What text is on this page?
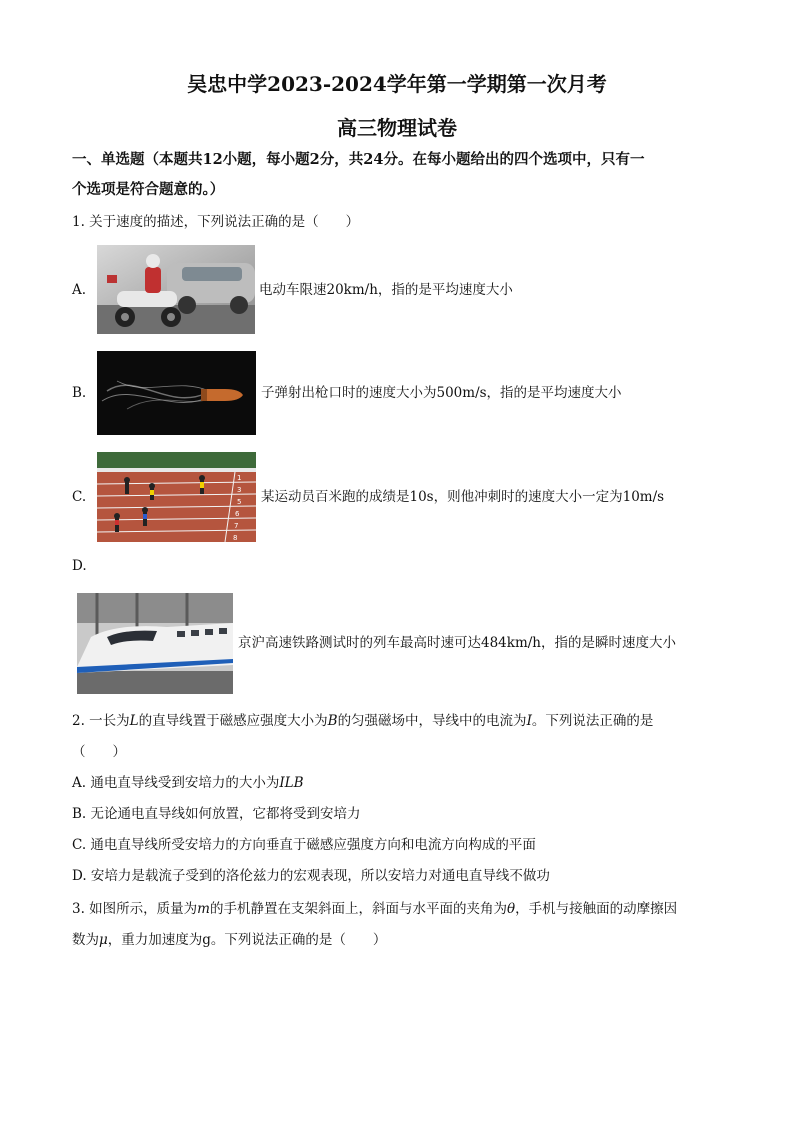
吴忠中学2023-2024学年第一学期第一次月考
高三物理试卷
一、单选题（本题共12小题，每小题2分，共24分。在每小题给出的四个选项中，只有一
个选项是符合题意的。）
1. 关于速度的描述，下列说法正确的是（　　）
A.	电动车限速20km/h，指的是平均速度大小
B.	子弹射出枪口时的速度大小为500m/s，指的是平均速度大小
C.
1
3
5
6
7
8
某运动员百米跑的成绩是10s，则他冲刺时的速度大小一定为10m/s
D.
京沪高速铁路测试时的列车最高时速可达484km/h，指的是瞬时速度大小
2. 一长为L的直导线置于磁感应强度大小为B的匀强磁场中，导线中的电流为I。下列说法正确的是
（　　）
A. 通电直导线受到安培力的大小为ILB
B. 无论通电直导线如何放置，它都将受到安培力
C. 通电直导线所受安培力的方向垂直于磁感应强度方向和电流方向构成的平面
D. 安培力是载流子受到的洛伦兹力的宏观表现，所以安培力对通电直导线不做功
3. 如图所示，质量为m的手机静置在支架斜面上，斜面与水平面的夹角为θ，手机与接触面的动摩擦因
数为μ，重力加速度为g。下列说法正确的是（　　）
